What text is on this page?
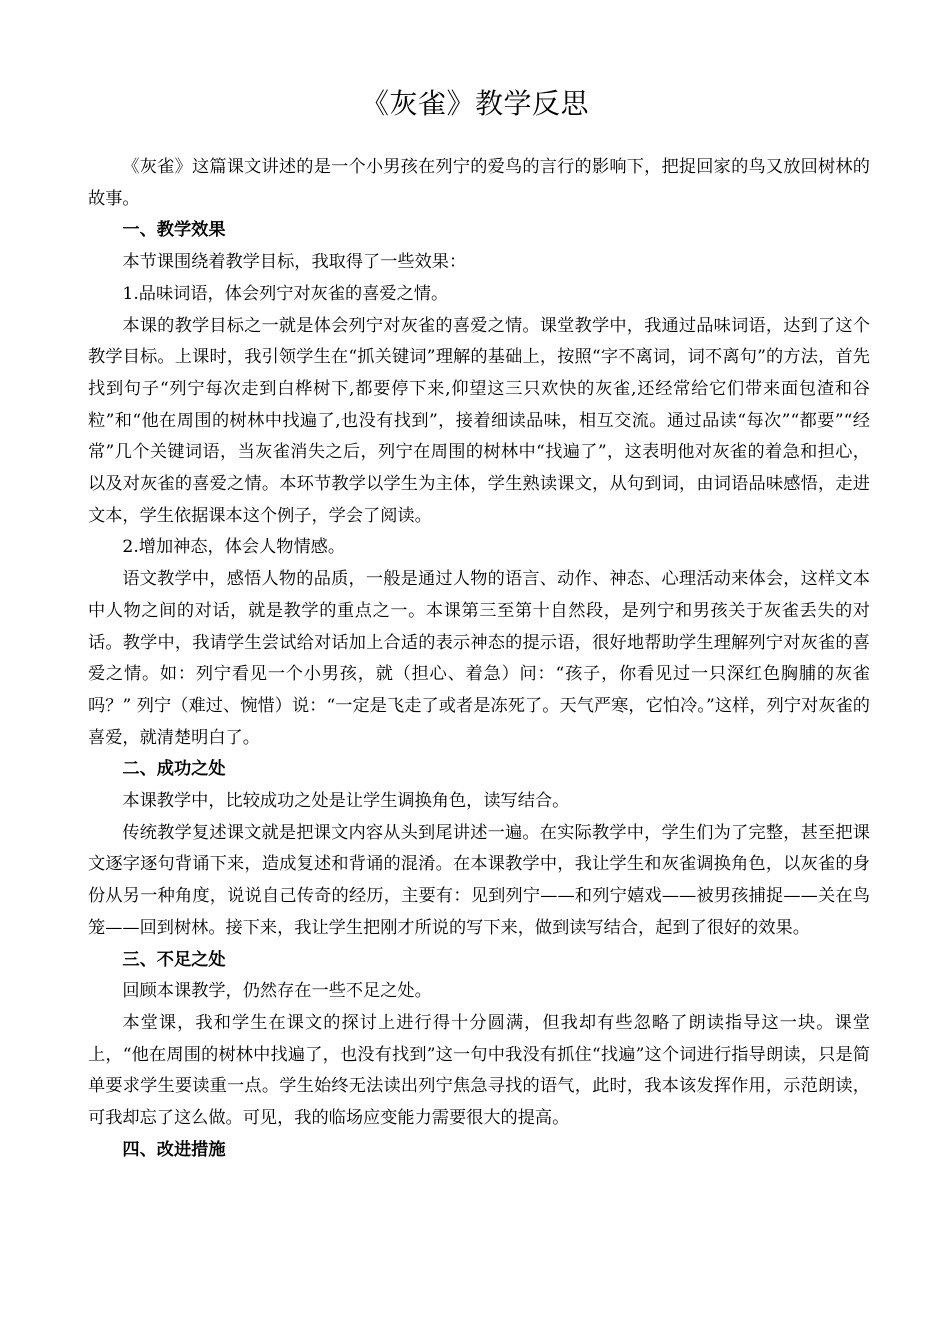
《灰雀》教学反思

《灰雀》这篇课文讲述的是一个小男孩在列宁的爱鸟的言行的影响下，把捉回家的鸟又放回树林的故事。

一、教学效果

本节课围绕着教学目标，我取得了一些效果：

1.品味词语，体会列宁对灰雀的喜爱之情。

本课的教学目标之一就是体会列宁对灰雀的喜爱之情。课堂教学中，我通过品味词语，达到了这个教学目标。上课时，我引领学生在“抓关键词”理解的基础上，按照“字不离词，词不离句”的方法，首先找到句子“列宁每次走到白桦树下,都要停下来,仰望这三只欢快的灰雀,还经常给它们带来面包渣和谷粒”和“他在周围的树林中找遍了,也没有找到”，接着细读品味，相互交流。通过品读“每次”“都要”“经常”几个关键词语，当灰雀消失之后，列宁在周围的树林中“找遍了”，这表明他对灰雀的着急和担心，以及对灰雀的喜爱之情。本环节教学以学生为主体，学生熟读课文，从句到词，由词语品味感悟，走进文本，学生依据课本这个例子，学会了阅读。

2.增加神态，体会人物情感。

语文教学中，感悟人物的品质，一般是通过人物的语言、动作、神态、心理活动来体会，这样文本中人物之间的对话，就是教学的重点之一。本课第三至第十自然段，是列宁和男孩关于灰雀丢失的对话。教学中，我请学生尝试给对话加上合适的表示神态的提示语，很好地帮助学生理解列宁对灰雀的喜爱之情。如：列宁看见一个小男孩，就（担心、着急）问：“孩子，你看见过一只深红色胸脯的灰雀吗？” 列宁（难过、惋惜）说：“一定是飞走了或者是冻死了。天气严寒，它怕冷。”这样，列宁对灰雀的喜爱，就清楚明白了。

二、成功之处

本课教学中，比较成功之处是让学生调换角色，读写结合。

传统教学复述课文就是把课文内容从头到尾讲述一遍。在实际教学中，学生们为了完整，甚至把课文逐字逐句背诵下来，造成复述和背诵的混淆。在本课教学中，我让学生和灰雀调换角色，以灰雀的身份从另一种角度，说说自己传奇的经历，主要有：见到列宁——和列宁嬉戏——被男孩捕捉——关在鸟笼——回到树林。接下来，我让学生把刚才所说的写下来，做到读写结合，起到了很好的效果。

三、不足之处

回顾本课教学，仍然存在一些不足之处。

本堂课，我和学生在课文的探讨上进行得十分圆满，但我却有些忽略了朗读指导这一块。课堂上，“他在周围的树林中找遍了，也没有找到”这一句中我没有抓住“找遍”这个词进行指导朗读，只是简单要求学生要读重一点。学生始终无法读出列宁焦急寻找的语气，此时，我本该发挥作用，示范朗读，可我却忘了这么做。可见，我的临场应变能力需要很大的提高。

四、改进措施
